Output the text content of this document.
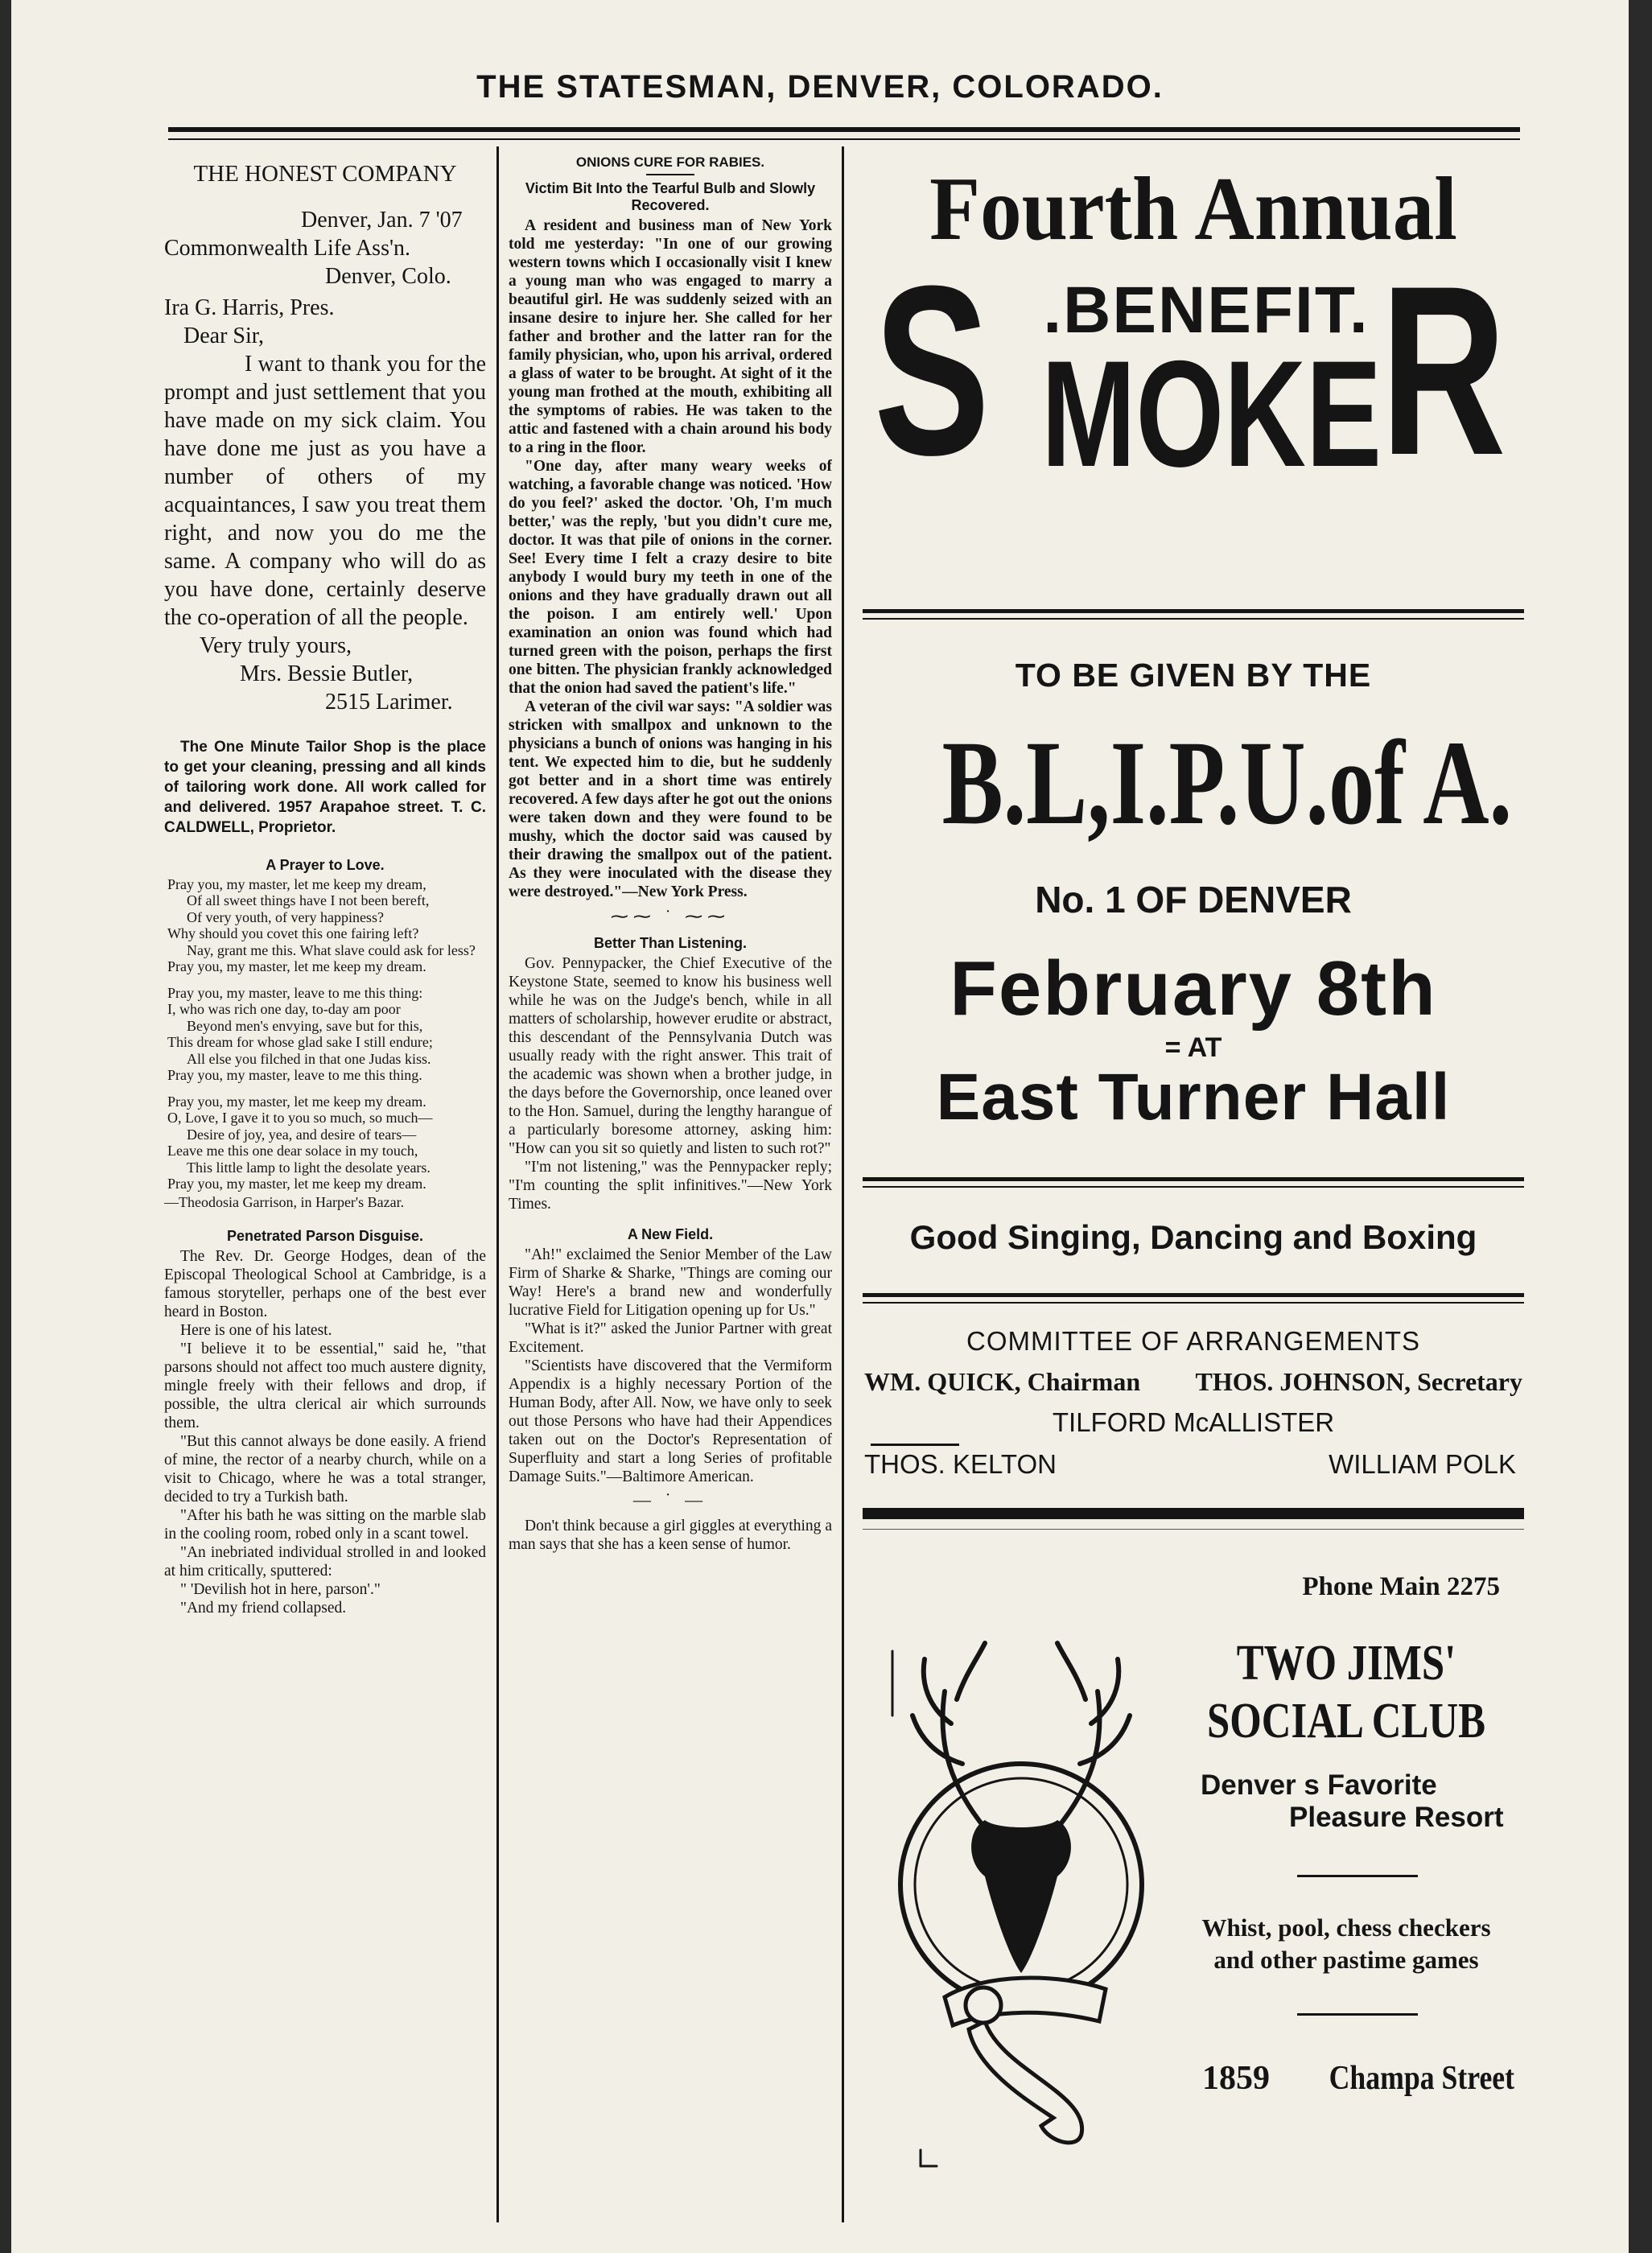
THE STATESMAN, DENVER, COLORADO.

THE HONEST COMPANY

Denver, Jan. 7 '07

Commonwealth Life Ass'n.

Denver, Colo.

Ira G. Harris, Pres.

Dear Sir,

I want to thank you for the prompt and just settlement that you have made on my sick claim. You have done me just as you have a number of others of my acquaintances, I saw you treat them right, and now you do me the same. A company who will do as you have done, certainly deserve the co-operation of all the people.

Very truly yours,

Mrs. Bessie Butler,

2515 Larimer.

The One Minute Tailor Shop is the place to get your cleaning, pressing and all kinds of tailoring work done. All work called for and delivered. 1957 Arapahoe street. T. C. CALDWELL, Proprietor.

A Prayer to Love.

Pray you, my master, let me keep my dream,

Of all sweet things have I not been bereft,

Of very youth, of very happiness?

Why should you covet this one fairing left?

Nay, grant me this. What slave could ask for less?

Pray you, my master, let me keep my dream.

Pray you, my master, leave to me this thing:

I, who was rich one day, to-day am poor

Beyond men's envying, save but for this,

This dream for whose glad sake I still endure;

All else you filched in that one Judas kiss.

Pray you, my master, leave to me this thing.

Pray you, my master, let me keep my dream.

O, Love, I gave it to you so much, so much—

Desire of joy, yea, and desire of tears—

Leave me this one dear solace in my touch,

This little lamp to light the desolate years.

Pray you, my master, let me keep my dream.

—Theodosia Garrison, in Harper's Bazar.

Penetrated Parson Disguise.

The Rev. Dr. George Hodges, dean of the Episcopal Theological School at Cambridge, is a famous storyteller, perhaps one of the best ever heard in Boston.

Here is one of his latest.

"I believe it to be essential," said he, "that parsons should not affect too much austere dignity, mingle freely with their fellows and drop, if possible, the ultra clerical air which surrounds them.

"But this cannot always be done easily. A friend of mine, the rector of a nearby church, while on a visit to Chicago, where he was a total stranger, decided to try a Turkish bath.

"After his bath he was sitting on the marble slab in the cooling room, robed only in a scant towel.

"An inebriated individual strolled in and looked at him critically, sputtered:

" 'Devilish hot in here, parson'."

"And my friend collapsed.

ONIONS CURE FOR RABIES.

Victim Bit Into the Tearful Bulb and Slowly Recovered.

A resident and business man of New York told me yesterday: "In one of our growing western towns which I occasionally visit I knew a young man who was engaged to marry a beautiful girl. He was suddenly seized with an insane desire to injure her. She called for her father and brother and the latter ran for the family physician, who, upon his arrival, ordered a glass of water to be brought. At sight of it the young man frothed at the mouth, exhibiting all the symptoms of rabies. He was taken to the attic and fastened with a chain around his body to a ring in the floor.

"One day, after many weary weeks of watching, a favorable change was noticed. 'How do you feel?' asked the doctor. 'Oh, I'm much better,' was the reply, 'but you didn't cure me, doctor. It was that pile of onions in the corner. See! Every time I felt a crazy desire to bite anybody I would bury my teeth in one of the onions and they have gradually drawn out all the poison. I am entirely well.' Upon examination an onion was found which had turned green with the poison, perhaps the first one bitten. The physician frankly acknowledged that the onion had saved the patient's life."

A veteran of the civil war says: "A soldier was stricken with smallpox and unknown to the physicians a bunch of onions was hanging in his tent. We expected him to die, but he suddenly got better and in a short time was entirely recovered. A few days after he got out the onions were taken down and they were found to be mushy, which the doctor said was caused by their drawing the smallpox out of the patient. As they were inoculated with the disease they were destroyed."—New York Press.

⁓⁓ ˙ ⁓⁓

Better Than Listening.

Gov. Pennypacker, the Chief Executive of the Keystone State, seemed to know his business well while he was on the Judge's bench, while in all matters of scholarship, however erudite or abstract, this descendant of the Pennsylvania Dutch was usually ready with the right answer. This trait of the academic was shown when a brother judge, in the days before the Governorship, once leaned over to the Hon. Samuel, during the lengthy harangue of a particularly boresome attorney, asking him: "How can you sit so quietly and listen to such rot?"

"I'm not listening," was the Pennypacker reply; "I'm counting the split infinitives."—New York Times.

A New Field.

"Ah!" exclaimed the Senior Member of the Law Firm of Sharke & Sharke, "Things are coming our Way! Here's a brand new and wonderfully lucrative Field for Litigation opening up for Us."

"What is it?" asked the Junior Partner with great Excitement.

"Scientists have discovered that the Vermiform Appendix is a highly necessary Portion of the Human Body, after All. Now, we have only to seek out those Persons who have had their Appendices taken out on the Doctor's Representation of Superfluity and start a long Series of profitable Damage Suits."—Baltimore American.

— ˙ —

Don't think because a girl giggles at everything a man says that she has a keen sense of humor.

Fourth Annual
S .BENEFIT.
MOKE R
TO BE GIVEN BY THE
B.L,I.P.U.of A.
No. 1 OF DENVER
February 8th
= AT
East Turner Hall
Good Singing, Dancing and Boxing
COMMITTEE OF ARRANGEMENTS
WM. QUICK, Chairman THOS. JOHNSON, Secretary
TILFORD McALLISTER
THOS. KELTON	WILLIAM POLK
Phone Main 2275
TWO JIMS'
SOCIAL CLUB
Denver s Favorite
Pleasure Resort
Whist, pool, chess checkers
and other pastime games
1859 Champa Street
